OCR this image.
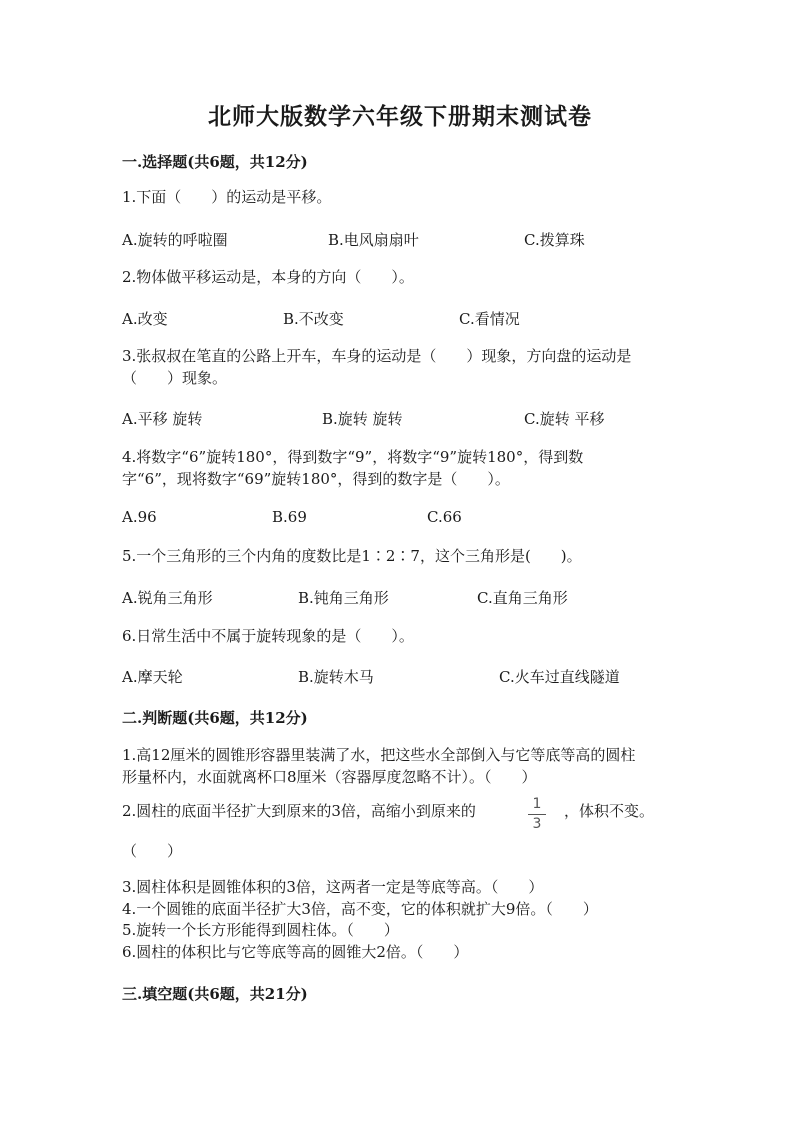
北师大版数学六年级下册期末测试卷
一.选择题(共6题，共12分)
1.下面（　　）的运动是平移。
A.旋转的呼啦圈	B.电风扇扇叶	C.拨算珠
2.物体做平移运动是，本身的方向（　　）。
A.改变	B.不改变	C.看情况
3.张叔叔在笔直的公路上开车，车身的运动是（　　）现象，方向盘的运动是
（　　）现象。
A.平移 旋转	B.旋转 旋转	C.旋转 平移
4.将数字“6”旋转180°，得到数字“9”，将数字“9”旋转180°，得到数
字“6”，现将数字“69”旋转180°，得到的数字是（　　）。
A.96	B.69	C.66
5.一个三角形的三个内角的度数比是1∶2∶7，这个三角形是(　　)。
A.锐角三角形	B.钝角三角形	C.直角三角形
6.日常生活中不属于旋转现象的是（　　）。
A.摩天轮	B.旋转木马	C.火车过直线隧道
二.判断题(共6题，共12分)
1.高12厘米的圆锥形容器里装满了水，把这些水全部倒入与它等底等高的圆柱
形量杯内，水面就离杯口8厘米（容器厚度忽略不计）。（　　）
2.圆柱的底面半径扩大到原来的3倍，高缩小到原来的	1
3
，体积不变。
（　　）
3.圆柱体积是圆锥体积的3倍，这两者一定是等底等高。（　　）
4.一个圆锥的底面半径扩大3倍，高不变，它的体积就扩大9倍。（　　）
5.旋转一个长方形能得到圆柱体。（　　）
6.圆柱的体积比与它等底等高的圆锥大2倍。（　　）
三.填空题(共6题，共21分)
